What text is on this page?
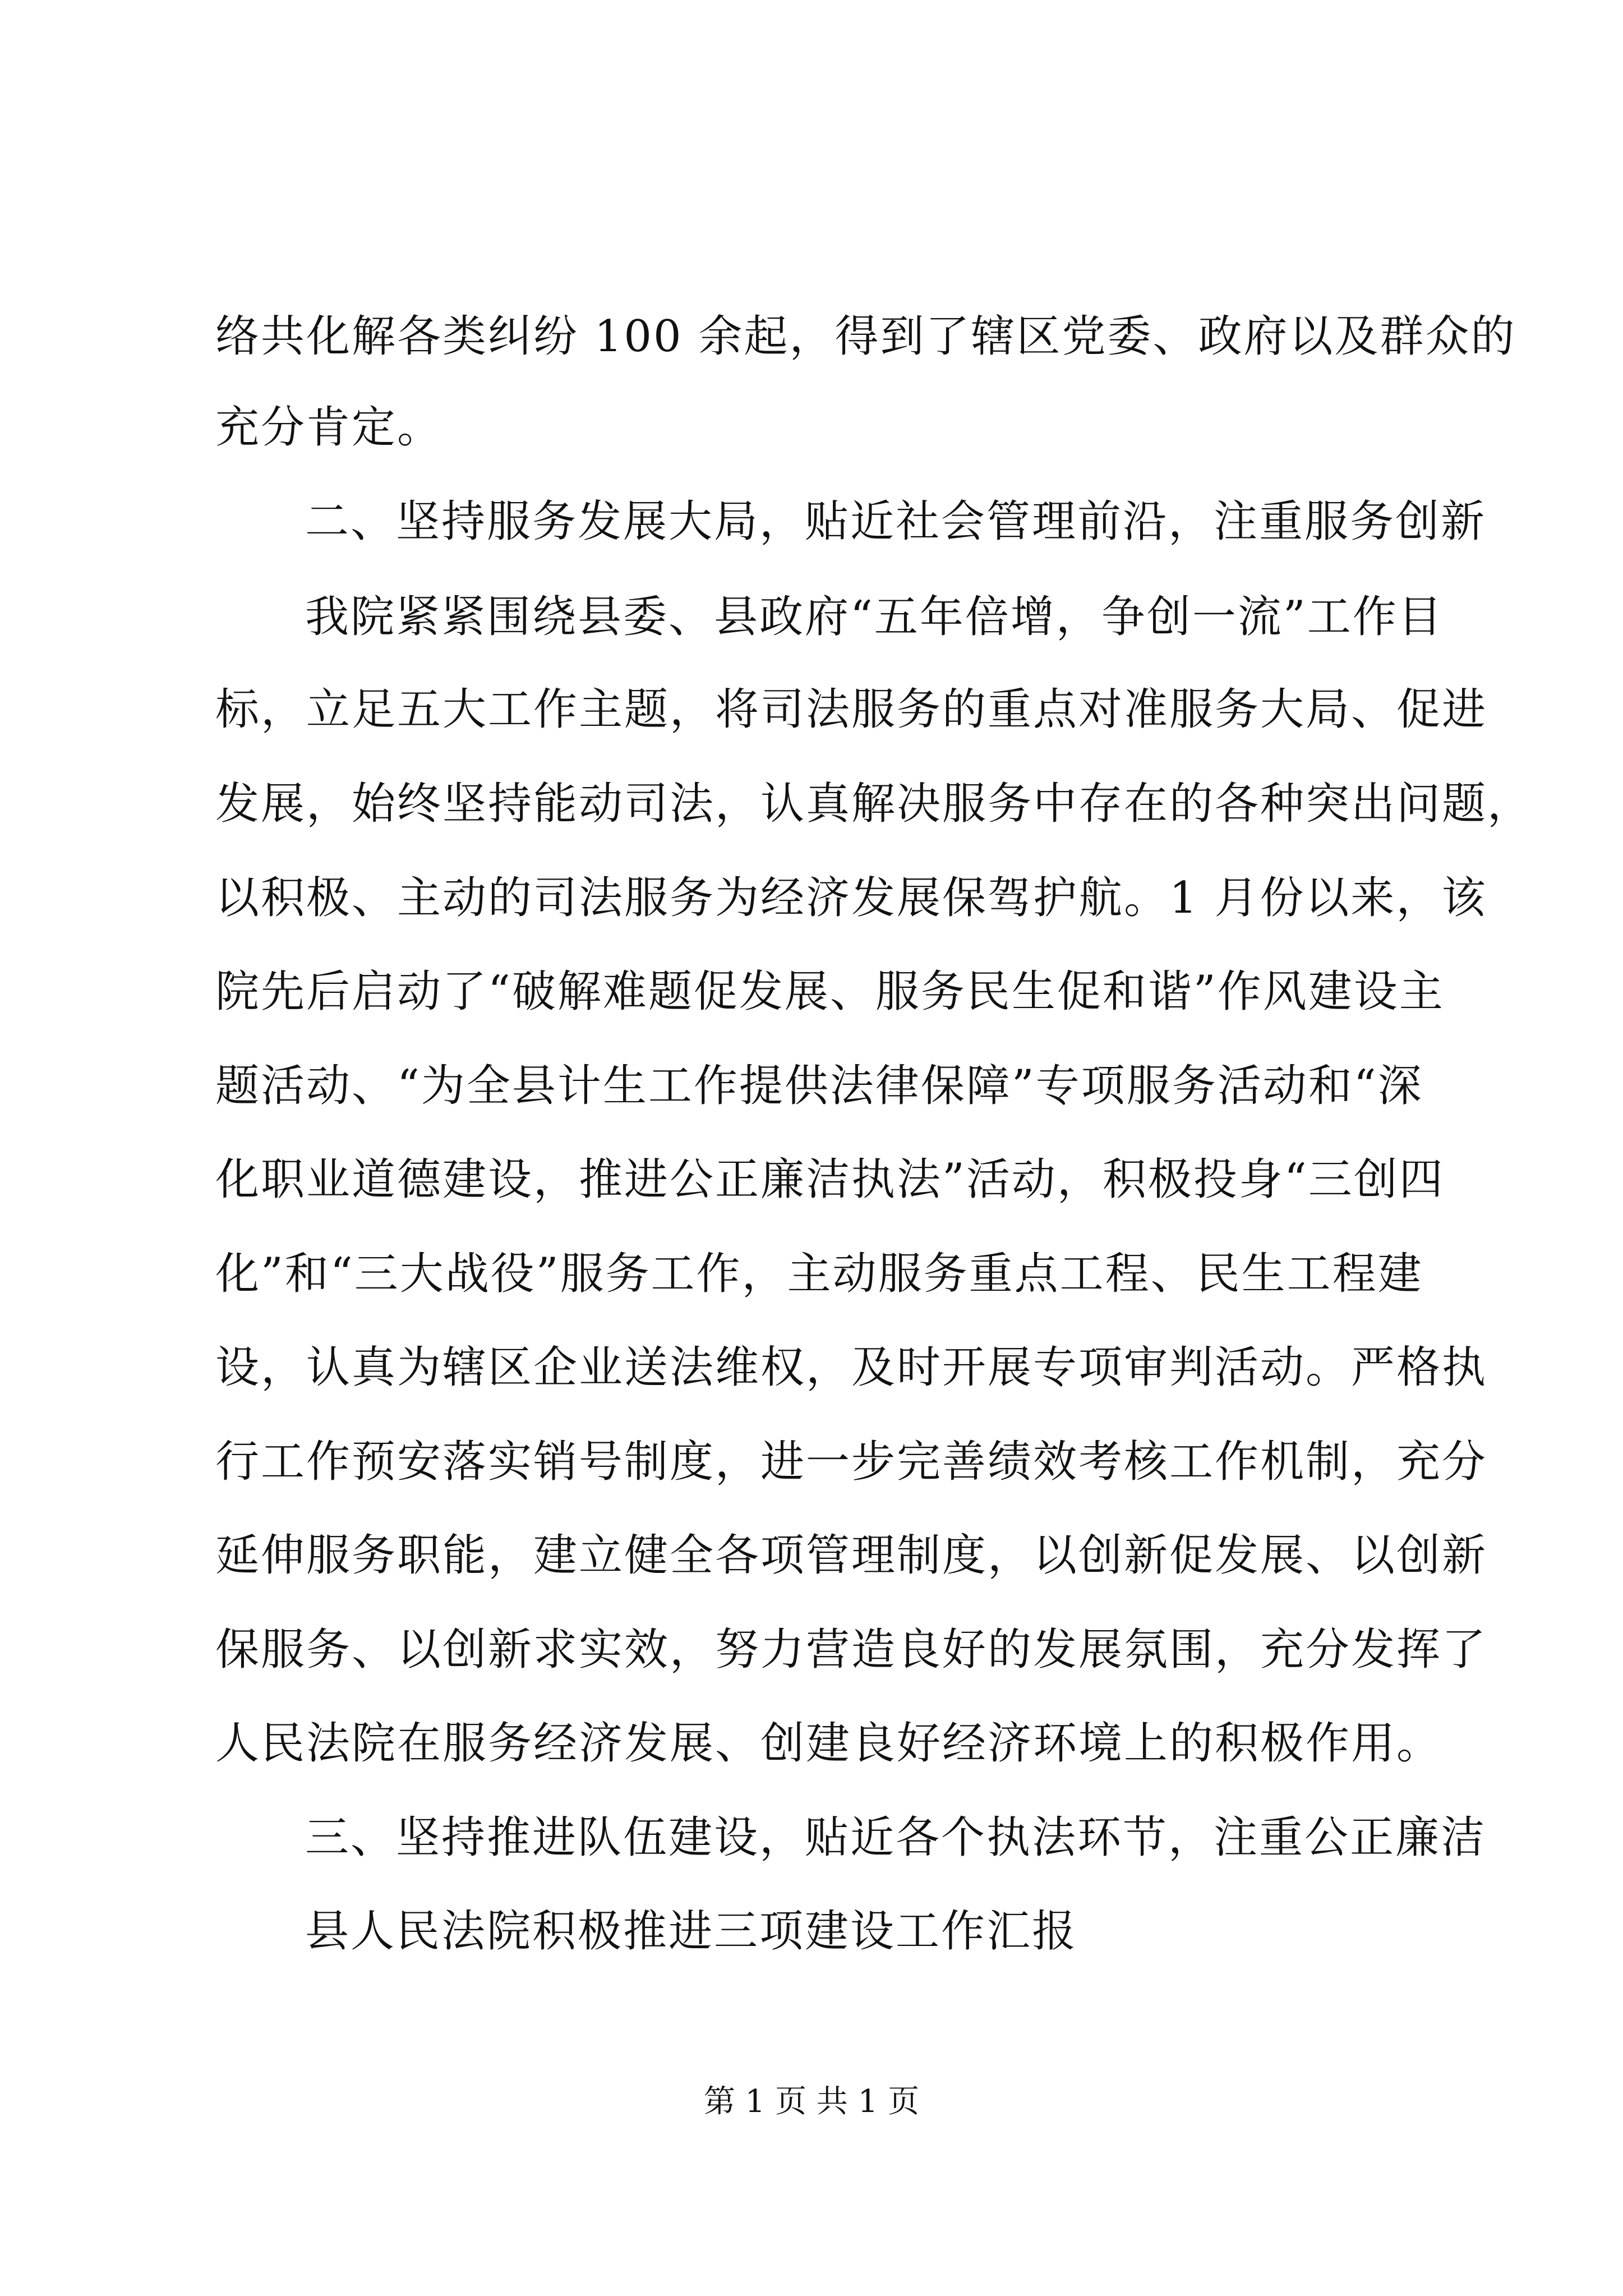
络共化解各类纠纷 100 余起，得到了辖区党委、政府以及群众的
充分肯定。
二、坚持服务发展大局，贴近社会管理前沿，注重服务创新
我院紧紧围绕县委、县政府“五年倍增，争创一流”工作目
标，立足五大工作主题，将司法服务的重点对准服务大局、促进
发展，始终坚持能动司法，认真解决服务中存在的各种突出问题，
以积极、主动的司法服务为经济发展保驾护航。1 月份以来，该
院先后启动了“破解难题促发展、服务民生促和谐”作风建设主
题活动、“为全县计生工作提供法律保障”专项服务活动和“深
化职业道德建设，推进公正廉洁执法”活动，积极投身“三创四
化”和“三大战役”服务工作，主动服务重点工程、民生工程建
设，认真为辖区企业送法维权，及时开展专项审判活动。严格执
行工作预安落实销号制度，进一步完善绩效考核工作机制，充分
延伸服务职能，建立健全各项管理制度，以创新促发展、以创新
保服务、以创新求实效，努力营造良好的发展氛围，充分发挥了
人民法院在服务经济发展、创建良好经济环境上的积极作用。
三、坚持推进队伍建设，贴近各个执法环节，注重公正廉洁
县人民法院积极推进三项建设工作汇报
第 1 页 共 1 页
